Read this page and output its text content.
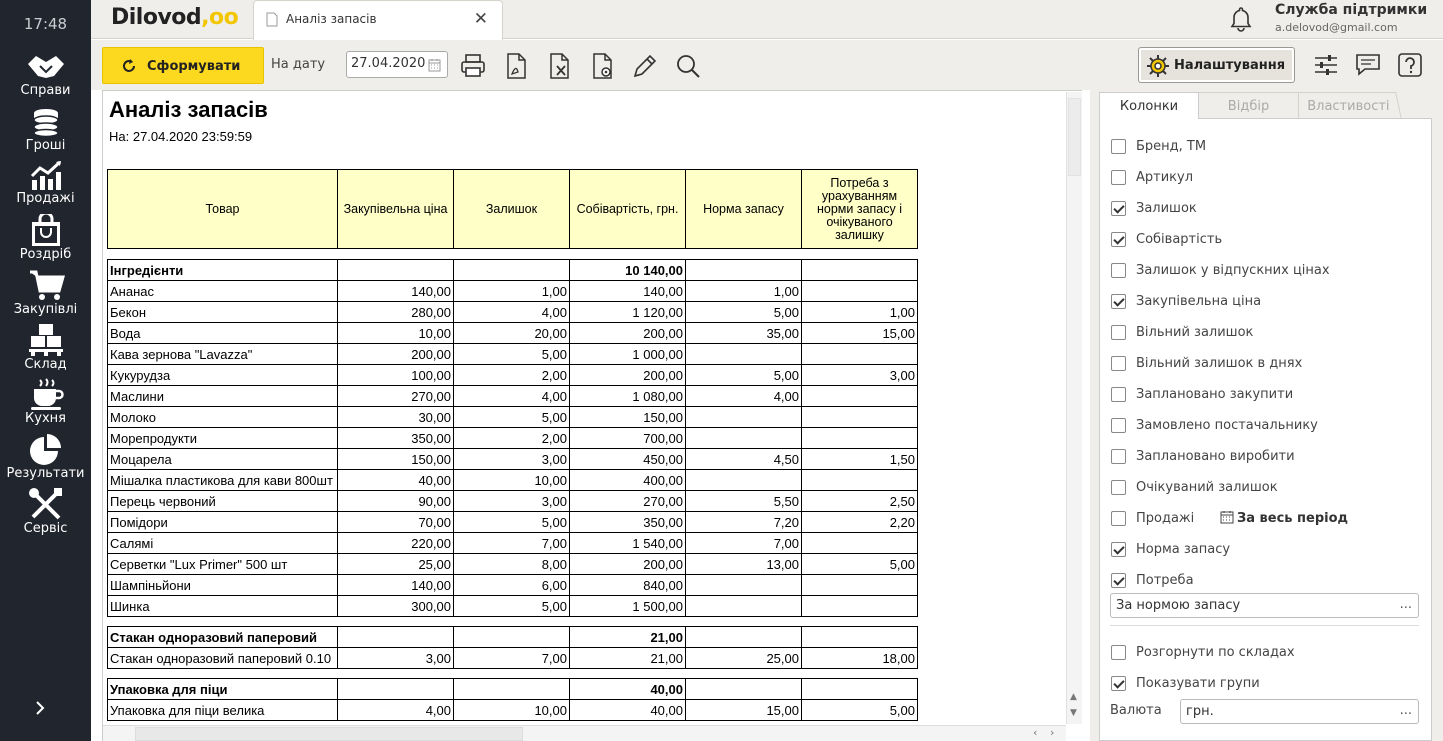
17:48
Справи
Гроші
Продажі
Роздріб
Закупівлі
Склад
Кухня
Результати
Сервіс
Dilovod,oo	Аналіз запасів	✕	Служба підтримки
a.delovod@gmail.com
Сформувати На дату
27.04.2020	Налаштування
Аналіз запасів
На: 27.04.2020 23:59:59
Товар	Закупівельна ціна	Залишок	Собівартість, грн.	Норма запасу	Потреба з урахуванням норми запасу і очікуваного залишку
Інгредієнти			10 140,00		
Ананас	140,00	1,00	140,00	1,00	
Бекон	280,00	4,00	1 120,00	5,00	1,00
Вода	10,00	20,00	200,00	35,00	15,00
Кава зернова "Lavazza"	200,00	5,00	1 000,00		
Кукурудза	100,00	2,00	200,00	5,00	3,00
Маслини	270,00	4,00	1 080,00	4,00	
Молоко	30,00	5,00	150,00		
Морепродукти	350,00	2,00	700,00		
Моцарела	150,00	3,00	450,00	4,50	1,50
Мішалка пластикова для кави 800шт	40,00	10,00	400,00		
Перець червоний	90,00	3,00	270,00	5,50	2,50
Помідори	70,00	5,00	350,00	7,20	2,20
Салямі	220,00	7,00	1 540,00	7,00	
Серветки "Lux Primer" 500 шт	25,00	8,00	200,00	13,00	5,00
Шампіньйони	140,00	6,00	840,00		
Шинка	300,00	5,00	1 500,00		
Стакан одноразовий паперовий			21,00		
Стакан одноразовий паперовий 0.10	3,00	7,00	21,00	25,00	18,00
Упаковка для піци			40,00		
Упаковка для піци велика	4,00	10,00	40,00	15,00	5,00
▲
▼
‹ ›
Колонки	Відбір	Властивості
Бренд, ТМ
Артикул
Залишок
Собівартість
Залишок у відпускних цінах
Закупівельна ціна
Вільний залишок
Вільний залишок в днях
Заплановано закупити
Замовлено постачальнику
Заплановано виробити
Очікуваний залишок
Продажі
Норма запасу
Потреба
За весь період
За нормою запасу	...
Розгорнути по складах
Показувати групи
Валюта грн.	...
